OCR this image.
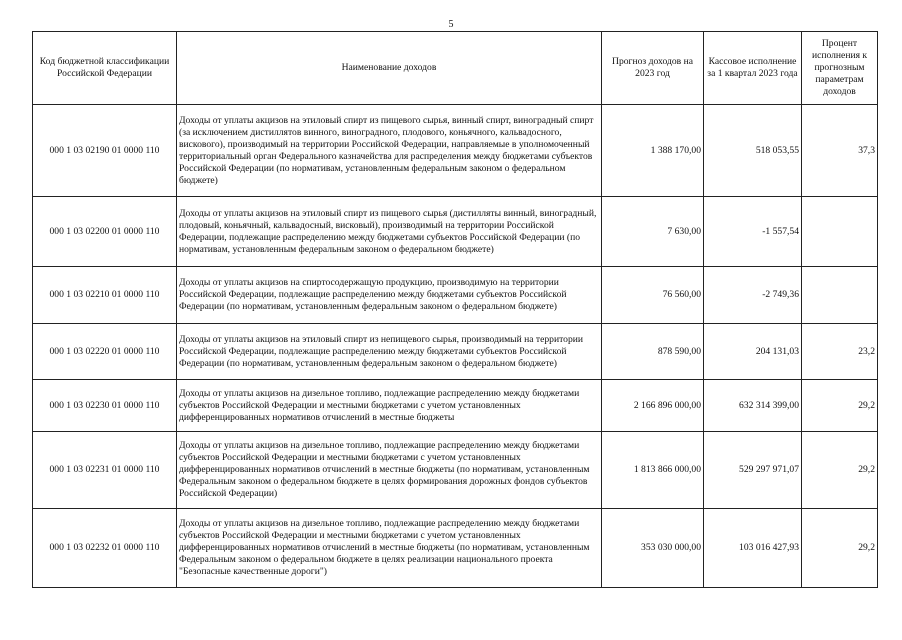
5
Код бюджетной классификации Российской Федерации	Наименование доходов	Прогноз доходов на 2023 год	Кассовое исполнение за 1 квартал 2023 года	Процент исполнения к прогнозным параметрам доходов
000 1 03 02190 01 0000 110	Доходы от уплаты акцизов на этиловый спирт из пищевого сырья, винный спирт, виноградный спирт (за исключением дистиллятов винного, виноградного, плодового, коньячного, кальвадосного, вискового), производимый на территории Российской Федерации, направляемые в уполномоченный территориальный орган Федерального казначейства для распределения между бюджетами субъектов Российской Федерации (по нормативам, установленным федеральным законом о федеральном бюджете)	1 388 170,00	518 053,55	37,3
000 1 03 02200 01 0000 110	Доходы от уплаты акцизов на этиловый спирт из пищевого сырья (дистилляты винный, виноградный, плодовый, коньячный, кальвадосный, висковый), производимый на территории Российской Федерации, подлежащие распределению между бюджетами субъектов Российской Федерации (по нормативам, установленным федеральным законом о федеральном бюджете)	7 630,00	-1 557,54	
000 1 03 02210 01 0000 110	Доходы от уплаты акцизов на спиртосодержащую продукцию, производимую на территории Российской Федерации, подлежащие распределению между бюджетами субъектов Российской Федерации (по нормативам, установленным федеральным законом о федеральном бюджете)	76 560,00	-2 749,36	
000 1 03 02220 01 0000 110	Доходы от уплаты акцизов на этиловый спирт из непищевого сырья, производимый на территории Российской Федерации, подлежащие распределению между бюджетами субъектов Российской Федерации (по нормативам, установленным федеральным законом о федеральном бюджете)	878 590,00	204 131,03	23,2
000 1 03 02230 01 0000 110	Доходы от уплаты акцизов на дизельное топливо, подлежащие распределению между бюджетами субъектов Российской Федерации и местными бюджетами с учетом установленных дифференцированных нормативов отчислений в местные бюджеты	2 166 896 000,00	632 314 399,00	29,2
000 1 03 02231 01 0000 110	Доходы от уплаты акцизов на дизельное топливо, подлежащие распределению между бюджетами субъектов Российской Федерации и местными бюджетами с учетом установленных дифференцированных нормативов отчислений в местные бюджеты (по нормативам, установленным Федеральным законом о федеральном бюджете в целях формирования дорожных фондов субъектов Российской Федерации)	1 813 866 000,00	529 297 971,07	29,2
000 1 03 02232 01 0000 110	Доходы от уплаты акцизов на дизельное топливо, подлежащие распределению между бюджетами субъектов Российской Федерации и местными бюджетами с учетом установленных дифференцированных нормативов отчислений в местные бюджеты (по нормативам, установленным Федеральным законом о федеральном бюджете в целях реализации национального проекта "Безопасные качественные дороги")	353 030 000,00	103 016 427,93	29,2
